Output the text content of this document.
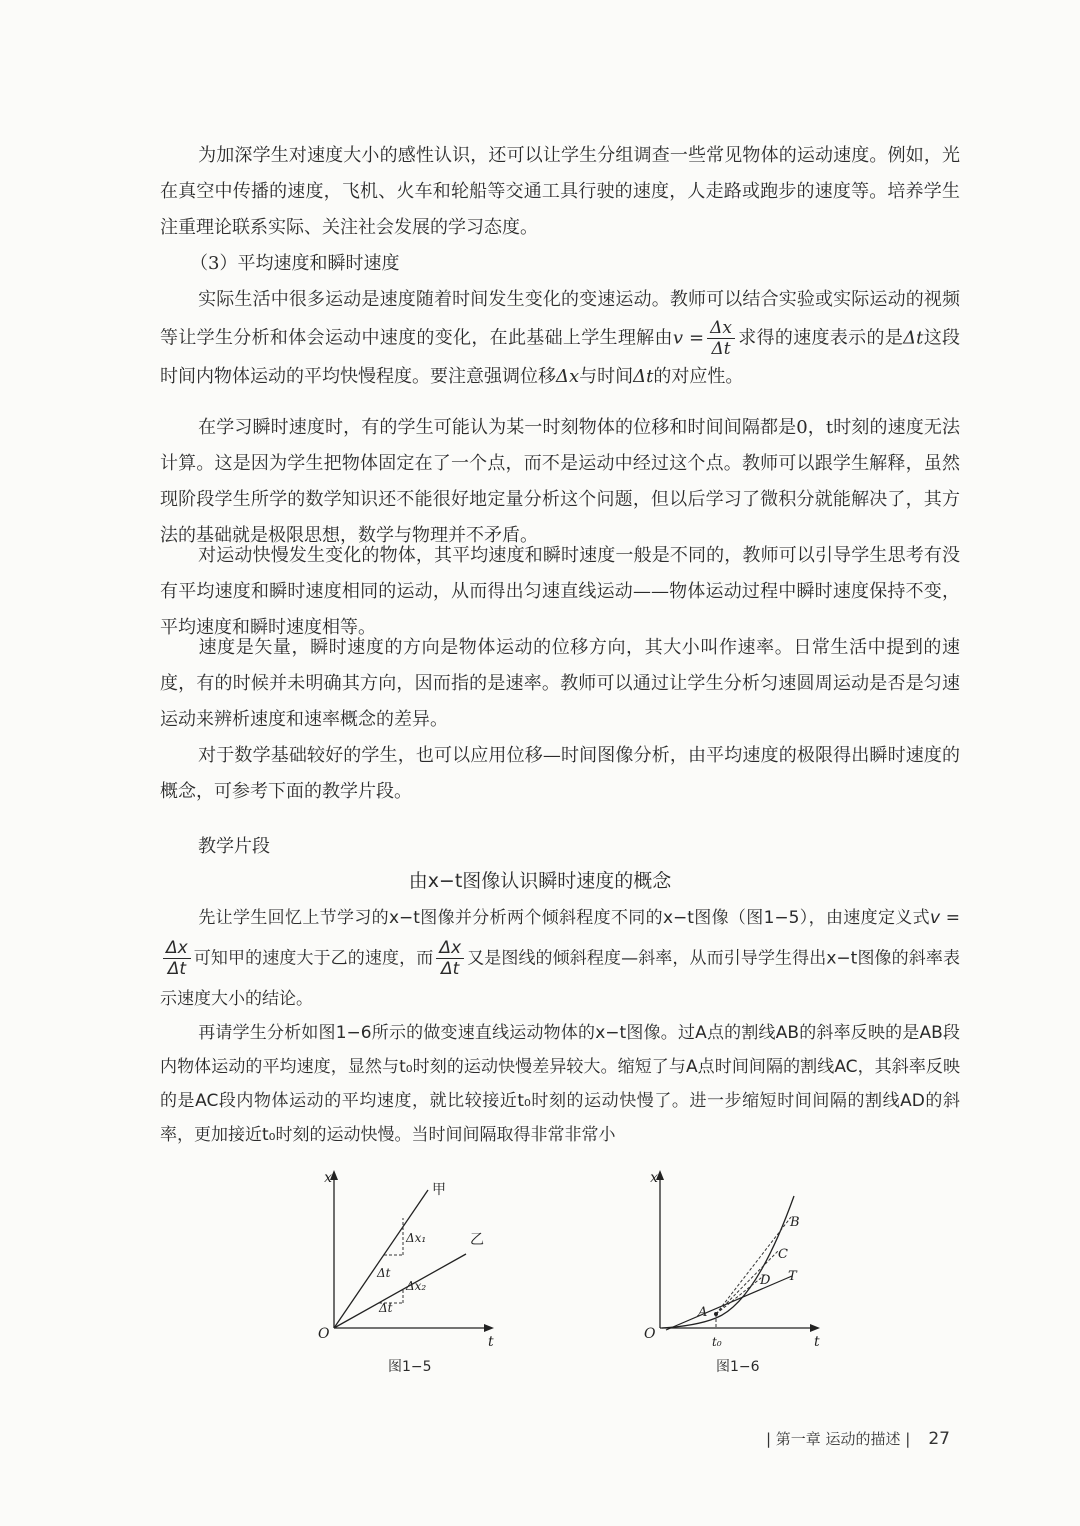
为加深学生对速度大小的感性认识，还可以让学生分组调查一些常见物体的运动速度。例如，光在真空中传播的速度，飞机、火车和轮船等交通工具行驶的速度，人走路或跑步的速度等。培养学生注重理论联系实际、关注社会发展的学习态度。

（3）平均速度和瞬时速度

实际生活中很多运动是速度随着时间发生变化的变速运动。教师可以结合实验或实际运动的视频等让学生分析和体会运动中速度的变化，在此基础上学生理解由$v = \frac{\Delta x}{\Delta t}$ 求得的速度表示的是Δt这段时间内物体运动的平均快慢程度。要注意强调位移Δx与时间Δt的对应性。

在学习瞬时速度时，有的学生可能认为某一时刻物体的位移和时间间隔都是0，t时刻的速度无法计算。这是因为学生把物体固定在了一个点，而不是运动中经过这个点。教师可以跟学生解释，虽然现阶段学生所学的数学知识还不能很好地定量分析这个问题，但以后学习了微积分就能解决了，其方法的基础就是极限思想，数学与物理并不矛盾。

对运动快慢发生变化的物体，其平均速度和瞬时速度一般是不同的，教师可以引导学生思考有没有平均速度和瞬时速度相同的运动，从而得出匀速直线运动——物体运动过程中瞬时速度保持不变，平均速度和瞬时速度相等。

速度是矢量，瞬时速度的方向是物体运动的位移方向，其大小叫作速率。日常生活中提到的速度，有的时候并未明确其方向，因而指的是速率。教师可以通过让学生分析匀速圆周运动是否是匀速运动来辨析速度和速率概念的差异。

对于数学基础较好的学生，也可以应用位移—时间图像分析，由平均速度的极限得出瞬时速度的概念，可参考下面的教学片段。

教学片段
由x−t图像认识瞬时速度的概念

先让学生回忆上节学习的x−t图像并分析两个倾斜程度不同的x−t图像（图1−5），由速度定义式v =
$\frac{\Delta x}{\Delta t}$ 可知甲的速度大于乙的速度，而 $\frac{\Delta x}{\Delta t}$ 又是图线的倾斜程度—斜率，从而引导学生得出x−t图像的斜率表示速度大小的结论。

再请学生分析如图1−6所示的做变速直线运动物体的x−t图像。过A点的割线AB的斜率反映的是AB段内物体运动的平均速度，显然与t₀时刻的运动快慢差异较大。缩短了与A点时间间隔的割线AC，其斜率反映的是AC段内物体运动的平均速度，就比较接近t₀时刻的运动快慢了。进一步缩短时间间隔的割线AD的斜率，更加接近t₀时刻的运动快慢。当时间间隔取得非常非常小

x
t
O
甲
乙
Δx₁
Δt
Δx₂
Δt
图1−5
x
t
O	t₀
A
B
C
D T
图1−6
| 第一章 运动的描述 | 27
